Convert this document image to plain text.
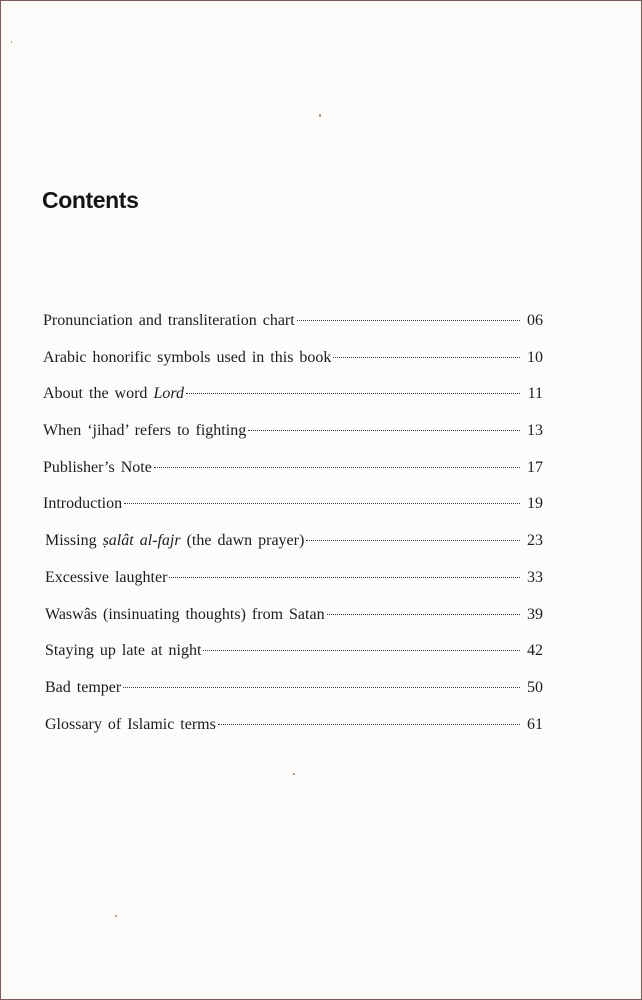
Contents
Pronunciation and transliteration chart	06
Arabic honorific symbols used in this book	10
About the word Lord	11
When ‘jihad’ refers to fighting	13
Publisher’s Note	17
Introduction	19
Missing ṣalât al-fajr (the dawn prayer)	23
Excessive laughter	33
Waswâs (insinuating thoughts) from Satan	39
Staying up late at night	42
Bad temper	50
Glossary of Islamic terms	61
